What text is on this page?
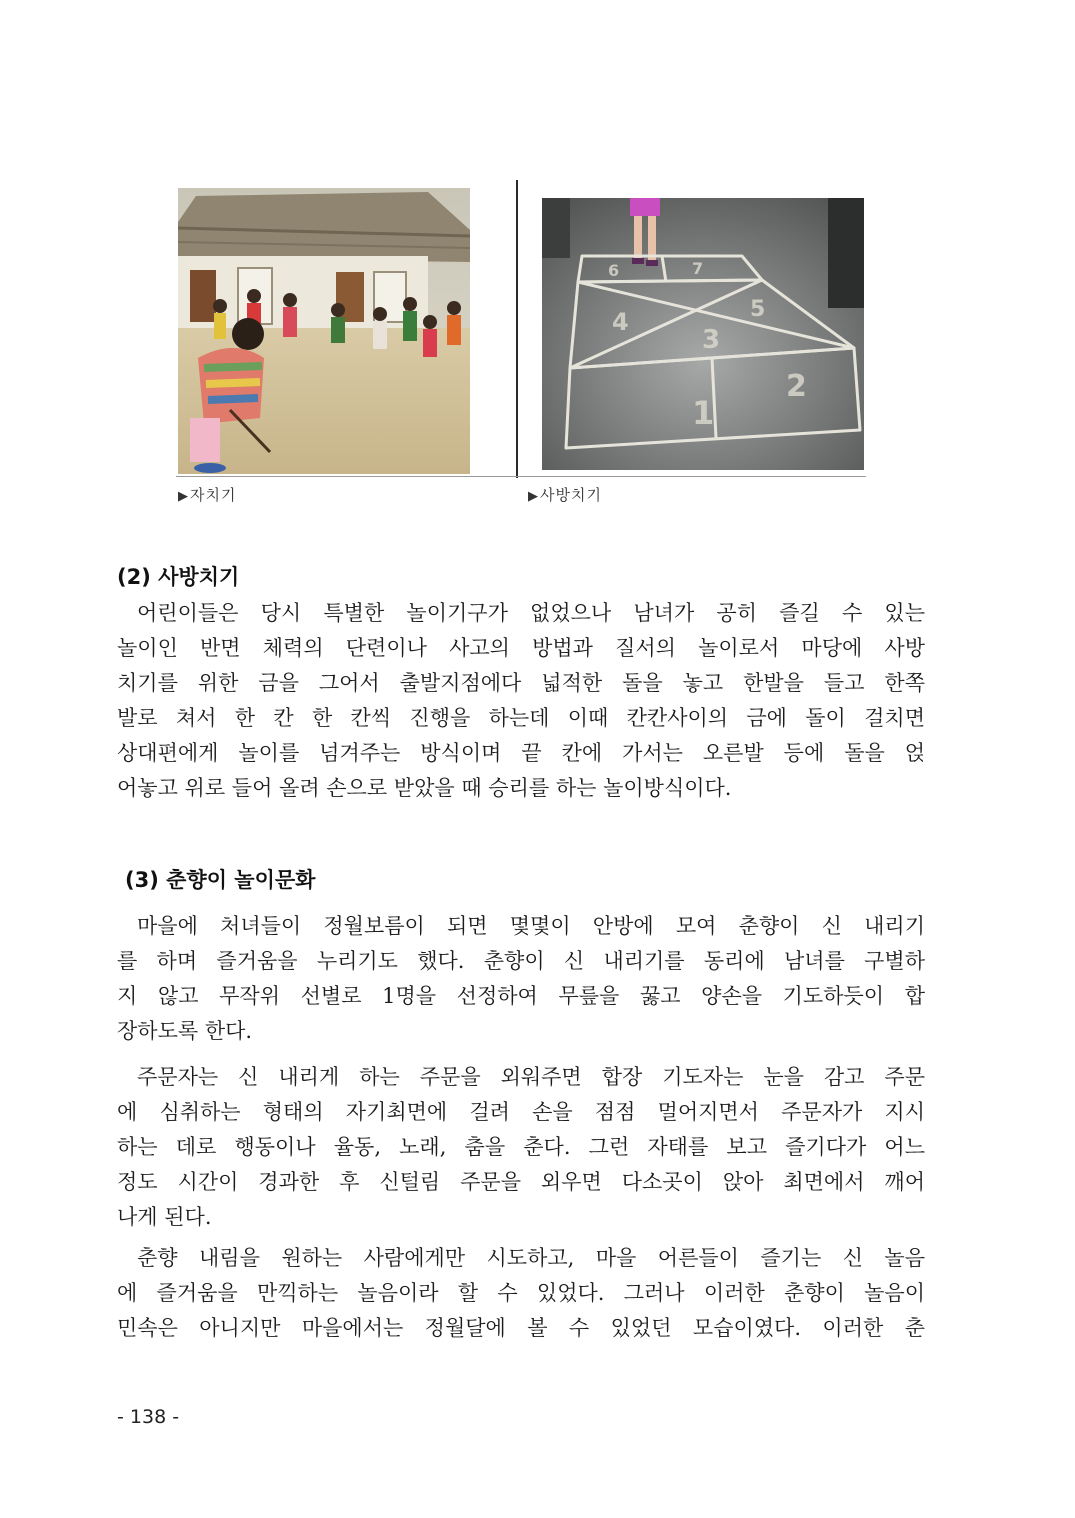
1
2
3
4	5
6	7
▶자치기	▶사방치기
(2) 사방치기
어린이들은 당시 특별한 놀이기구가 없었으나 남녀가 공히 즐길 수 있는
놀이인 반면 체력의 단련이나 사고의 방법과 질서의 놀이로서 마당에 사방
치기를 위한 금을 그어서 출발지점에다 넓적한 돌을 놓고 한발을 들고 한쪽
발로 쳐서 한 칸 한 칸씩 진행을 하는데 이때 칸칸사이의 금에 돌이 걸치면
상대편에게 놀이를 넘겨주는 방식이며 끝 칸에 가서는 오른발 등에 돌을 얹
어놓고 위로 들어 올려 손으로 받았을 때 승리를 하는 놀이방식이다.
(3) 춘향이 놀이문화
마을에 처녀들이 정월보름이 되면 몇몇이 안방에 모여 춘향이 신 내리기
를 하며 즐거움을 누리기도 했다. 춘향이 신 내리기를 동리에 남녀를 구별하
지 않고 무작위 선별로 1명을 선정하여 무릎을 꿇고 양손을 기도하듯이 합
장하도록 한다.
주문자는 신 내리게 하는 주문을 외워주면 합장 기도자는 눈을 감고 주문
에 심취하는 형태의 자기최면에 걸려 손을 점점 멀어지면서 주문자가 지시
하는 데로 행동이나 율동, 노래, 춤을 춘다. 그런 자태를 보고 즐기다가 어느
정도 시간이 경과한 후 신털림 주문을 외우면 다소곳이 앉아 최면에서 깨어
나게 된다.
춘향 내림을 원하는 사람에게만 시도하고, 마을 어른들이 즐기는 신 놀음
에 즐거움을 만끽하는 놀음이라 할 수 있었다. 그러나 이러한 춘향이 놀음이
민속은 아니지만 마을에서는 정월달에 볼 수 있었던 모습이였다. 이러한 춘
- 138 -
